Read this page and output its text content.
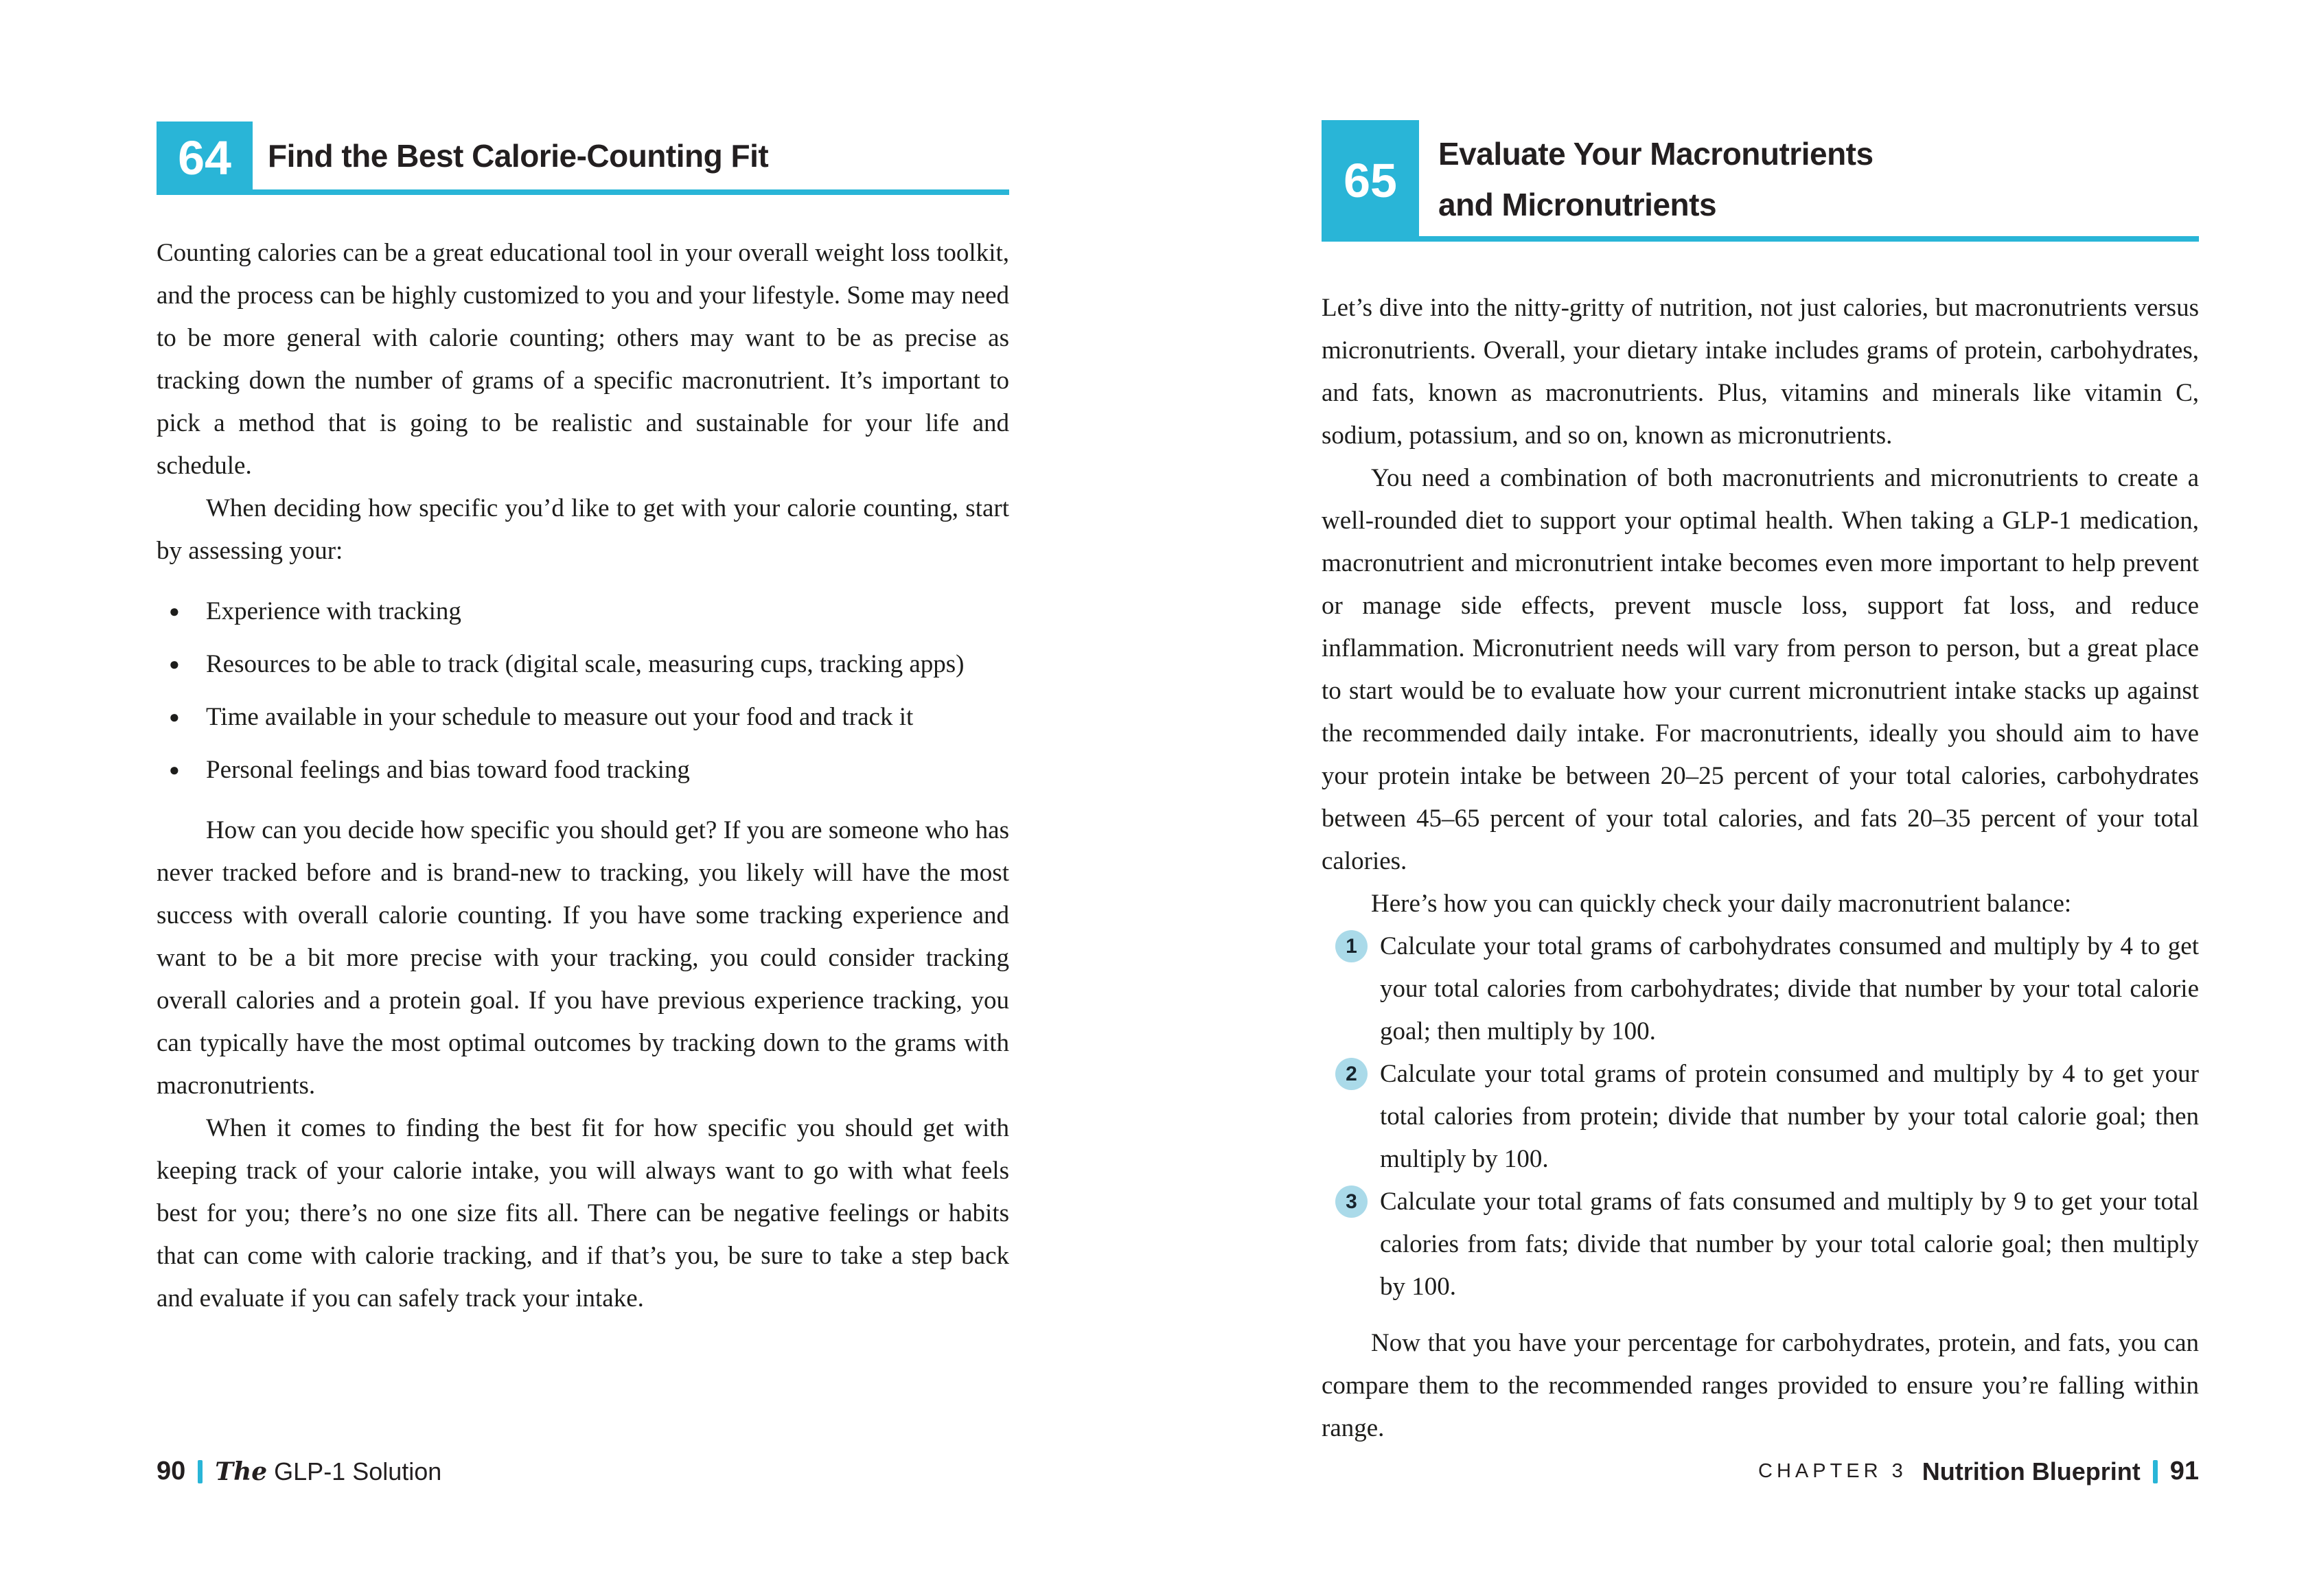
64 Find the Best Calorie-Counting Fit

Counting calories can be a great educational tool in your overall weight loss toolkit, and the process can be highly customized to you and your lifestyle. Some may need to be more general with calorie counting; others may want to be as precise as tracking down the number of grams of a specific macronutrient. It’s important to pick a method that is going to be realistic and sustainable for your life and schedule.

When deciding how specific you’d like to get with your calorie counting, start by assessing your:

● Experience with tracking
● Resources to be able to track (digital scale, measuring cups, tracking apps)
● Time available in your schedule to measure out your food and track it
● Personal feelings and bias toward food tracking

How can you decide how specific you should get? If you are someone who has never tracked before and is brand-new to tracking, you likely will have the most success with overall calorie counting. If you have some tracking experience and want to be a bit more precise with your tracking, you could consider tracking overall calories and a protein goal. If you have previous experience tracking, you can typically have the most optimal outcomes by tracking down to the grams with macronutrients.

When it comes to finding the best fit for how specific you should get with keeping track of your calorie intake, you will always want to go with what feels best for you; there’s no one size fits all. There can be negative feelings or habits that can come with calorie tracking, and if that’s you, be sure to take a step back and evaluate if you can safely track your intake.

90 The GLP-1 Solution
65 Evaluate Your Macronutrients
and Micronutrients

Let’s dive into the nitty-gritty of nutrition, not just calories, but macronutrients versus micronutrients. Overall, your dietary intake includes grams of protein, carbohydrates, and fats, known as macronutrients. Plus, vitamins and minerals like vitamin C, sodium, potassium, and so on, known as micronutrients.

You need a combination of both macronutrients and micronutrients to create a well-rounded diet to support your optimal health. When taking a GLP-1 medication, macronutrient and micronutrient intake becomes even more important to help prevent or manage side effects, prevent muscle loss, support fat loss, and reduce inflammation. Micronutrient needs will vary from person to person, but a great place to start would be to evaluate how your current micronutrient intake stacks up against the recommended daily intake. For macronutrients, ideally you should aim to have your protein intake be between 20–25 percent of your total calories, carbohydrates between 45–65 percent of your total calories, and fats 20–35 percent of your total calories.

Here’s how you can quickly check your daily macronutrient balance:

1 Calculate your total grams of carbohydrates consumed and multiply by 4 to get your total calories from carbohydrates; divide that number by your total calorie goal; then multiply by 100.
2 Calculate your total grams of protein consumed and multiply by 4 to get your total calories from protein; divide that number by your total calorie goal; then multiply by 100.
3 Calculate your total grams of fats consumed and multiply by 9 to get your total calories from fats; divide that number by your total calorie goal; then multiply by 100.

Now that you have your percentage for carbohydrates, protein, and fats, you can compare them to the recommended ranges provided to ensure you’re falling within range.

CHAPTER 3 Nutrition Blueprint 91
